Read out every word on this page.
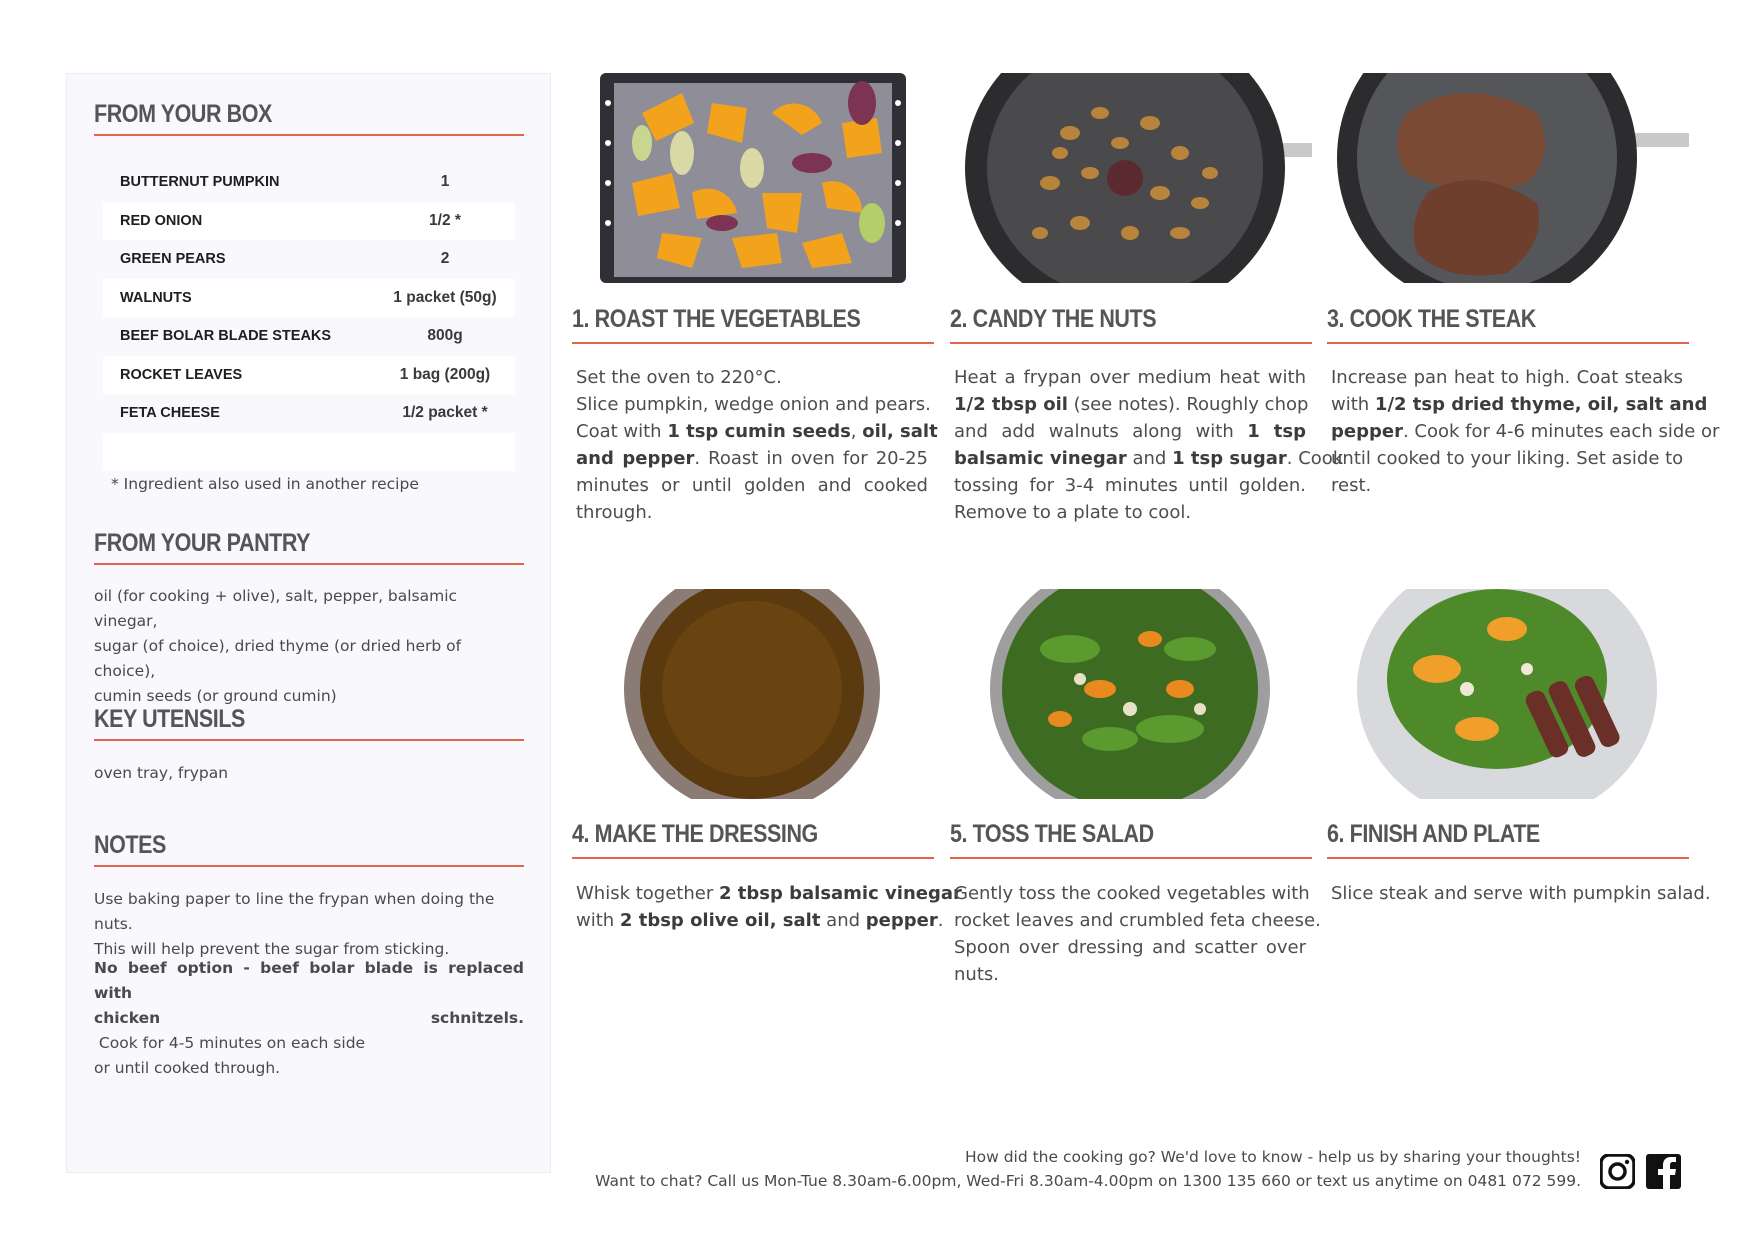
FROM YOUR BOX
BUTTERNUT PUMPKIN	1
RED ONION	1/2 *
GREEN PEARS	2
WALNUTS	1 packet (50g)
BEEF BOLAR BLADE STEAKS	800g
ROCKET LEAVES	1 bag (200g)
FETA CHEESE	1/2 packet *
* Ingredient also used in another recipe
FROM YOUR PANTRY
oil (for cooking + olive), salt, pepper, balsamic vinegar,
sugar (of choice), dried thyme (or dried herb of choice),
cumin seeds (or ground cumin)
KEY UTENSILS
oven tray, frypan
NOTES
Use baking paper to line the frypan when doing the nuts.
This will help prevent the sugar from sticking.
No beef option - beef bolar blade is replaced with
chicken schnitzels. Cook for 4-5 minutes on each side
or until cooked through.
1. ROAST THE VEGETABLES
Set the oven to 220°C.
Slice pumpkin, wedge onion and pears.
Coat with 1 tsp cumin seeds, oil, salt
and pepper. Roast in oven for 20-25
minutes or until golden and cooked
through.
2. CANDY THE NUTS
Heat a frypan over medium heat with
1/2 tbsp oil (see notes). Roughly chop
and add walnuts along with 1 tsp
balsamic vinegar and 1 tsp sugar. Cook
tossing for 3-4 minutes until golden.
Remove to a plate to cool.
3. COOK THE STEAK
Increase pan heat to high. Coat steaks
with 1/2 tsp dried thyme, oil, salt and
pepper. Cook for 4-6 minutes each side or
until cooked to your liking. Set aside to
rest.
4. MAKE THE DRESSING
Whisk together 2 tbsp balsamic vinegar
with 2 tbsp olive oil, salt and pepper.
5. TOSS THE SALAD
Gently toss the cooked vegetables with
rocket leaves and crumbled feta cheese.
Spoon over dressing and scatter over
nuts.
6. FINISH AND PLATE
Slice steak and serve with pumpkin salad.
How did the cooking go? We'd love to know - help us by sharing your thoughts!
Want to chat? Call us Mon-Tue 8.30am-6.00pm, Wed-Fri 8.30am-4.00pm on 1300 135 660 or text us anytime on 0481 072 599.
